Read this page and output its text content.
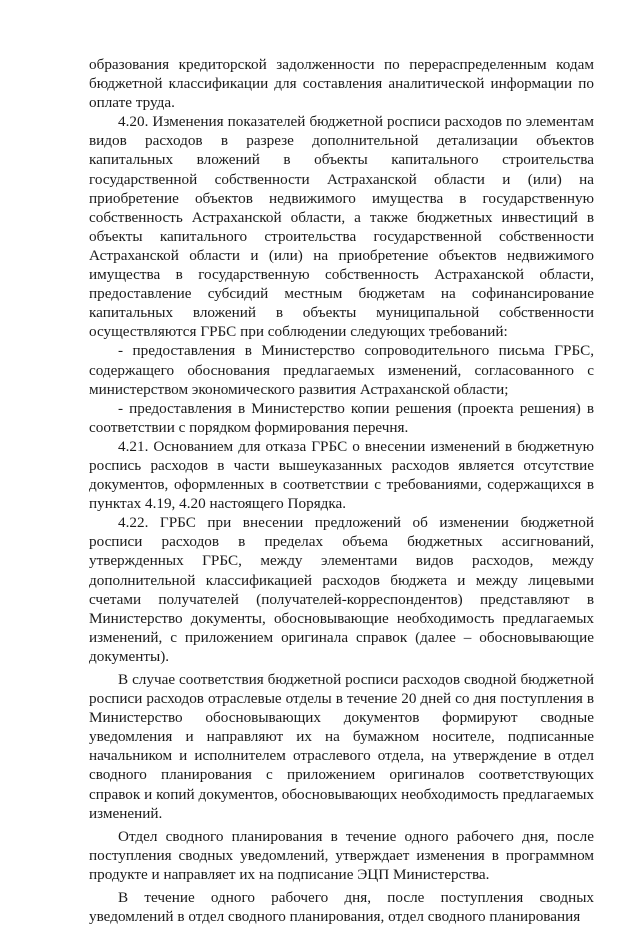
образования кредиторской задолженности по перераспределенным кодам бюджетной классификации для составления аналитической информации по оплате труда.

4.20. Изменения показателей бюджетной росписи расходов по элементам видов расходов в разрезе дополнительной детализации объектов капитальных вложений в объекты капитального строительства государственной собственности Астраханской области и (или) на приобретение объектов недвижимого имущества в государственную собственность Астраханской области, а также бюджетных инвестиций в объекты капитального строительства государственной собственности Астраханской области и (или) на приобретение объектов недвижимого имущества в государственную собственность Астраханской области, предоставление субсидий местным бюджетам на софинансирование капитальных вложений в объекты муниципальной собственности осуществляются ГРБС при соблюдении следующих требований:

- предоставления в Министерство сопроводительного письма ГРБС, содержащего обоснования предлагаемых изменений, согласованного с министерством экономического развития Астраханской области;

- предоставления в Министерство копии решения (проекта решения) в соответствии с порядком формирования перечня.

4.21. Основанием для отказа ГРБС о внесении изменений в бюджетную роспись расходов в части вышеуказанных расходов является отсутствие документов, оформленных в соответствии с требованиями, содержащихся в пунктах 4.19, 4.20 настоящего Порядка.

4.22. ГРБС при внесении предложений об изменении бюджетной росписи расходов в пределах объема бюджетных ассигнований, утвержденных ГРБС, между элементами видов расходов, между дополнительной классификацией расходов бюджета и между лицевыми счетами получателей (получателей-корреспондентов) представляют в Министерство документы, обосновывающие необходимость предлагаемых изменений, с приложением оригинала справок (далее – обосновывающие документы).

В случае соответствия бюджетной росписи расходов сводной бюджетной росписи расходов отраслевые отделы в течение 20 дней со дня поступления в Министерство обосновывающих документов формируют сводные уведомления и направляют их на бумажном носителе, подписанные начальником и исполнителем отраслевого отдела, на утверждение в отдел сводного планирования с приложением оригиналов соответствующих справок и копий документов, обосновывающих необходимость предлагаемых изменений.

Отдел сводного планирования в течение одного рабочего дня, после поступления сводных уведомлений, утверждает изменения в программном продукте и направляет их на подписание ЭЦП Министерства.

В течение одного рабочего дня, после поступления сводных уведомлений в отдел сводного планирования, отдел сводного планирования
